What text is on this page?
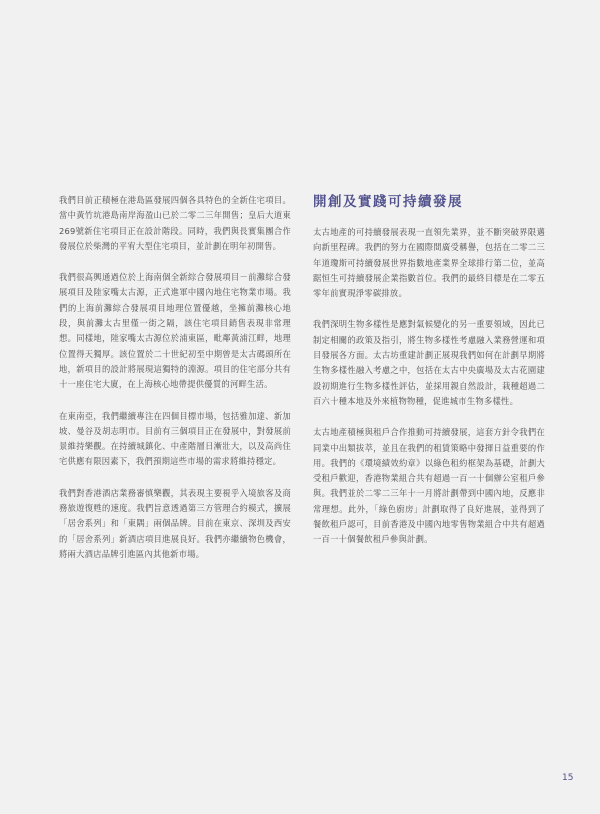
我們目前正積極在港島區發展四個各具特色的全新住宅項目。當中黃竹坑港島南岸海盈山已於二零二三年開售；皇后大道東269號新住宅項目正在設計階段。同時，我們與長實集團合作發展位於柴灣的平宥大型住宅項目，並計劃在明年初開售。

我們很高興通過位於上海南個全新綜合發展項目－前灘綜合發展項目及陸家嘴太古源，正式進軍中國內地住宅物業市場。我們的上海前灘綜合發展項目地理位置優越，坐擁前灘核心地段，與前灘太古里僅一街之隔，該住宅項目銷售表現非常理想。同樣地，陸家嘴太古源位於浦東區，毗鄰黃浦江畔，地理位置得天獨厚。該位置於二十世紀初至中期曾是太古碼頭所在地，新項目的設計將展現這獨特的淵源。項目的住宅部分共有十一座住宅大廈，在上海核心地帶提供優質的河畔生活。

在東南亞，我們繼續專注在四個目標市場，包括雅加達、新加坡、曼谷及胡志明市。目前有三個項目正在發展中，對發展前景維持樂觀。在持續城鎮化、中產階層日漸壯大，以及高尚住宅供應有限因素下，我們預期這些市場的需求將維持穩定。

我們對香港酒店業務審慎樂觀，其表現主要視乎入境旅客及商務旅遊復甦的速度。我們旨意透過第三方管理合約模式，擴展「居舍系列」和「東隅」兩個品牌。目前在東京、深圳及西安的「居舍系列」新酒店項目進展良好。我們亦繼續物色機會，將兩大酒店品牌引進區內其他新市場。

開創及實踐可持續發展

太古地產的可持續發展表現一直領先業界，並不斷突破界限邁向新里程碑。我們的努力在國際間廣受稱譽，包括在二零二三年道瓊斯可持續發展世界指數地產業界全球排行第二位，並高踞恒生可持續發展企業指數首位。我們的最終目標是在二零五零年前實現淨零碳排放。

我們深明生物多樣性是應對氣候變化的另一重要領域，因此已制定相關的政策及指引，將生物多樣性考慮融入業務營運和項目發展各方面。太古坊重建計劃正展現我們如何在計劃早期將生物多樣性融入考慮之中，包括在太古中央廣場及太古花園建設初期進行生物多樣性評估，並採用親自然設計，栽種超過二百六十種本地及外來植物物種，促進城市生物多樣性。

太古地產積極與租戶合作推動可持續發展，這套方針令我們在同業中出類拔萃，並且在我們的租賃策略中發揮日益重要的作用。我們的《環境績效約章》以綠色租約框架為基礎，計劃大受租戶歡迎，香港物業組合共有超過一百一十個辦公室租戶參與。我們並於二零二三年十一月將計劃帶到中國內地，反應非常理想。此外，「綠色廚房」計劃取得了良好進展，並得到了餐飲租戶認可，目前香港及中國內地零售物業組合中共有超過一百一十個餐飲租戶參與計劃。

15
